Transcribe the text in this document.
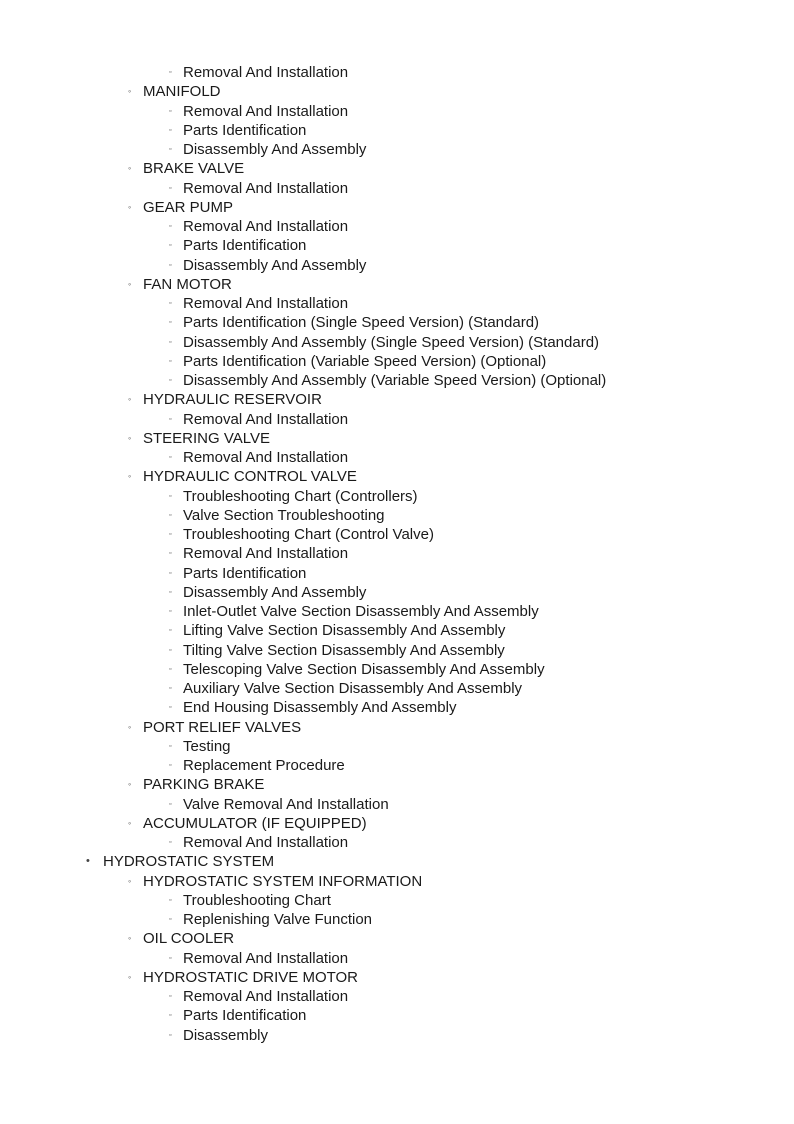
▫ Removal And Installation
◦ MANIFOLD
▫ Removal And Installation
▫ Parts Identification
▫ Disassembly And Assembly
◦ BRAKE VALVE
▫ Removal And Installation
◦ GEAR PUMP
▫ Removal And Installation
▫ Parts Identification
▫ Disassembly And Assembly
◦ FAN MOTOR
▫ Removal And Installation
▫ Parts Identification (Single Speed Version) (Standard)
▫ Disassembly And Assembly (Single Speed Version) (Standard)
▫ Parts Identification (Variable Speed Version) (Optional)
▫ Disassembly And Assembly (Variable Speed Version) (Optional)
◦ HYDRAULIC RESERVOIR
▫ Removal And Installation
◦ STEERING VALVE
▫ Removal And Installation
◦ HYDRAULIC CONTROL VALVE
▫ Troubleshooting Chart (Controllers)
▫ Valve Section Troubleshooting
▫ Troubleshooting Chart (Control Valve)
▫ Removal And Installation
▫ Parts Identification
▫ Disassembly And Assembly
▫ Inlet-Outlet Valve Section Disassembly And Assembly
▫ Lifting Valve Section Disassembly And Assembly
▫ Tilting Valve Section Disassembly And Assembly
▫ Telescoping Valve Section Disassembly And Assembly
▫ Auxiliary Valve Section Disassembly And Assembly
▫ End Housing Disassembly And Assembly
◦ PORT RELIEF VALVES
▫ Testing
▫ Replacement Procedure
◦ PARKING BRAKE
▫ Valve Removal And Installation
◦ ACCUMULATOR (IF EQUIPPED)
▫ Removal And Installation
• HYDROSTATIC SYSTEM
◦ HYDROSTATIC SYSTEM INFORMATION
▫ Troubleshooting Chart
▫ Replenishing Valve Function
◦ OIL COOLER
▫ Removal And Installation
◦ HYDROSTATIC DRIVE MOTOR
▫ Removal And Installation
▫ Parts Identification
▫ Disassembly
